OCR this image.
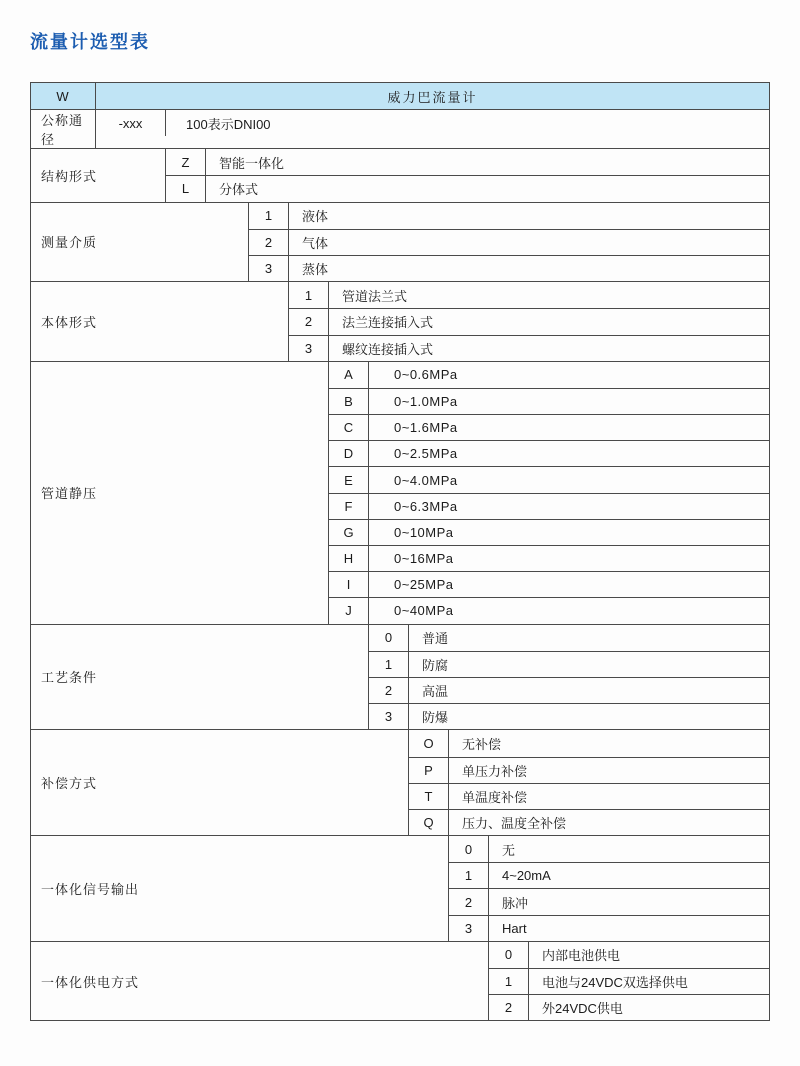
流量计选型表
W	威力巴流量计
公称通径
-xxx	100表示DNI00
结构形式
Z	智能一体化
L	分体式
测量介质
1	液体
2	气体
3	蒸体
本体形式
1	管道法兰式
2	法兰连接插入式
3	螺纹连接插入式
管道静压
A	0~0.6MPa
B	0~1.0MPa
C	0~1.6MPa
D	0~2.5MPa
E	0~4.0MPa
F	0~6.3MPa
G	0~10MPa
H	0~16MPa
I	0~25MPa
J	0~40MPa
工艺条件
0	普通
1	防腐
2	高温
3	防爆
补偿方式
O	无补偿
P	单压力补偿
T	单温度补偿
Q	压力、温度全补偿
一体化信号输出
0	无
1	4~20mA
2	脉冲
3	Hart
一体化供电方式
0	内部电池供电
1	电池与24VDC双选择供电
2	外24VDC供电
